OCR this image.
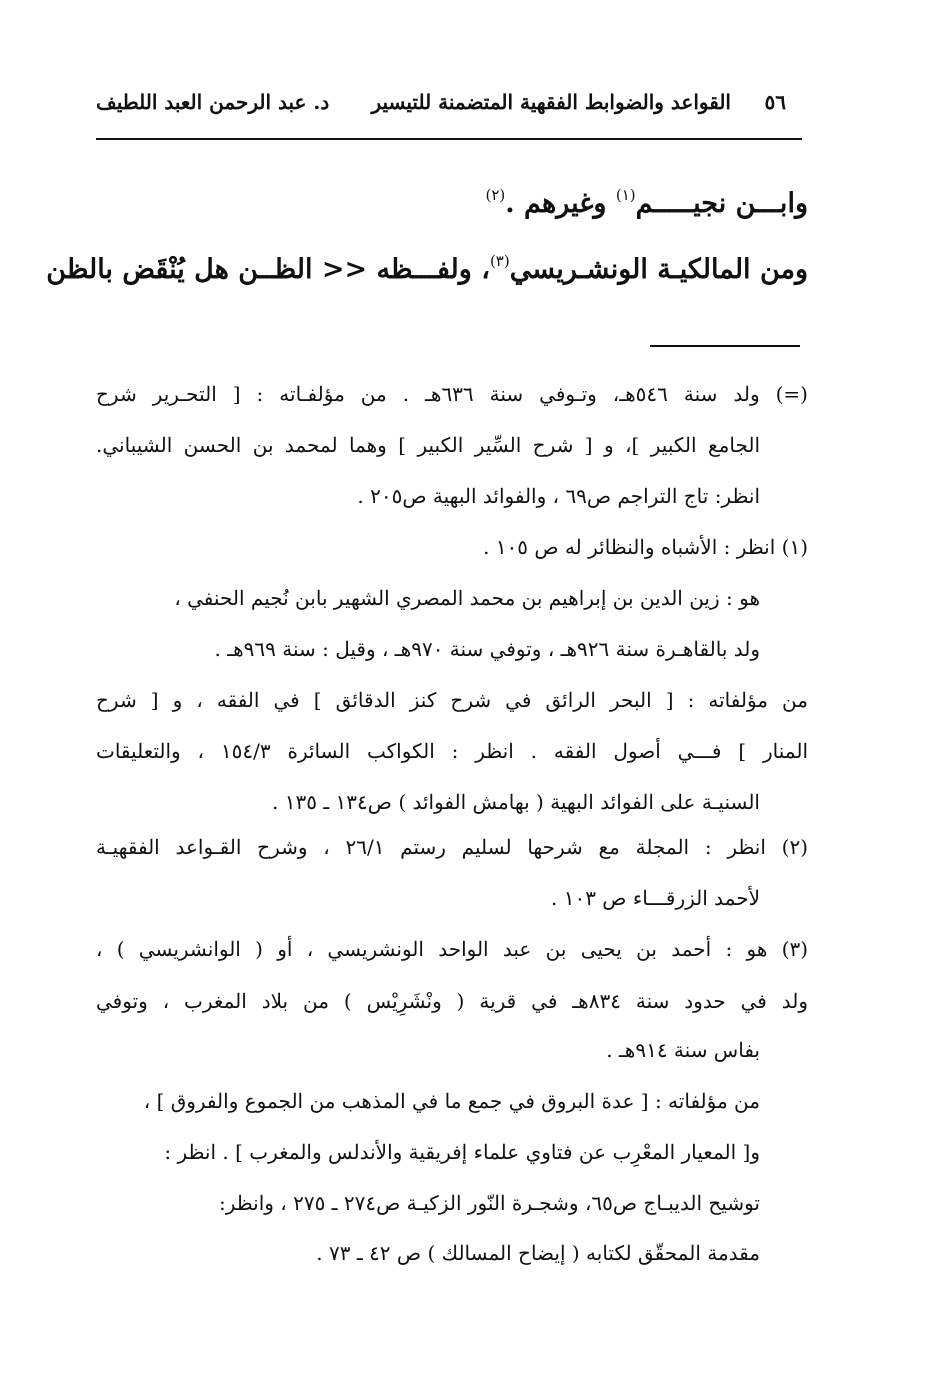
٥٦
القواعد والضوابط الفقهية المتضمنة للتيسير
د. عبد الرحمن العبد اللطيف
وابـــن نجيـــــم$^{(١)}$ وغيرهم .$^{(٢)}$
ومن المالكيـة الونشـريسي$^{(٣)}$، ولفـــظه << الظــن هل يُنْقَض بالظن
(=) ولد سنة ٥٤٦هـ، وتـوفي سنة ٦٣٦هـ . من مؤلفـاته : [ التحـرير شرح
الجامع الكبير ]، و [ شرح السِّير الكبير ] وهما لمحمد بن الحسن الشيباني.
انظر: تاج التراجم ص٦٩ ، والفوائد البهية ص٢٠٥ .
(١) انظر : الأشباه والنظائر له ص ١٠٥ .
هو : زين الدين بن إبراهيم بن محمد المصري الشهير بابن نُجيم الحنفي ،
ولد بالقاهـرة سنة ٩٢٦هـ ، وتوفي سنة ٩٧٠هـ ، وقيل : سنة ٩٦٩هـ .
من مؤلفاته : [ البحر الرائق في شرح كنز الدقائق ] في الفقه ، و [ شرح
المنار ] فـــي أصول الفقه . انظر : الكواكب السائرة ١٥٤/٣ ، والتعليقات
السنيـة على الفوائد البهية ( بهامش الفوائد ) ص١٣٤ ـ ١٣٥ .
(٢) انظر : المجلة مع شرحها لسليم رستم ٢٦/١ ، وشرح القـواعد الفقهيـة
لأحمد الزرقـــاء ص ١٠٣ .
(٣) هو : أحمد بن يحيى بن عبد الواحد الونشريسي ، أو ( الوانشريسي ) ،
ولد في حدود سنة ٨٣٤هـ في قرية ( ونْشَرِيْس ) من بلاد المغرب ، وتوفي
بفاس سنة ٩١٤هـ .
من مؤلفاته : [ عدة البروق في جمع ما في المذهب من الجموع والفروق ] ،
و[ المعيار المعْرِب عن فتاوي علماء إفريقية والأندلس والمغرب ] . انظر :
توشيح الديبـاج ص٦٥، وشجـرة النّور الزكيـة ص٢٧٤ ـ ٢٧٥ ، وانظر:
مقدمة المحقّق لكتابه ( إيضاح المسالك ) ص ٤٢ ـ ٧٣ .
